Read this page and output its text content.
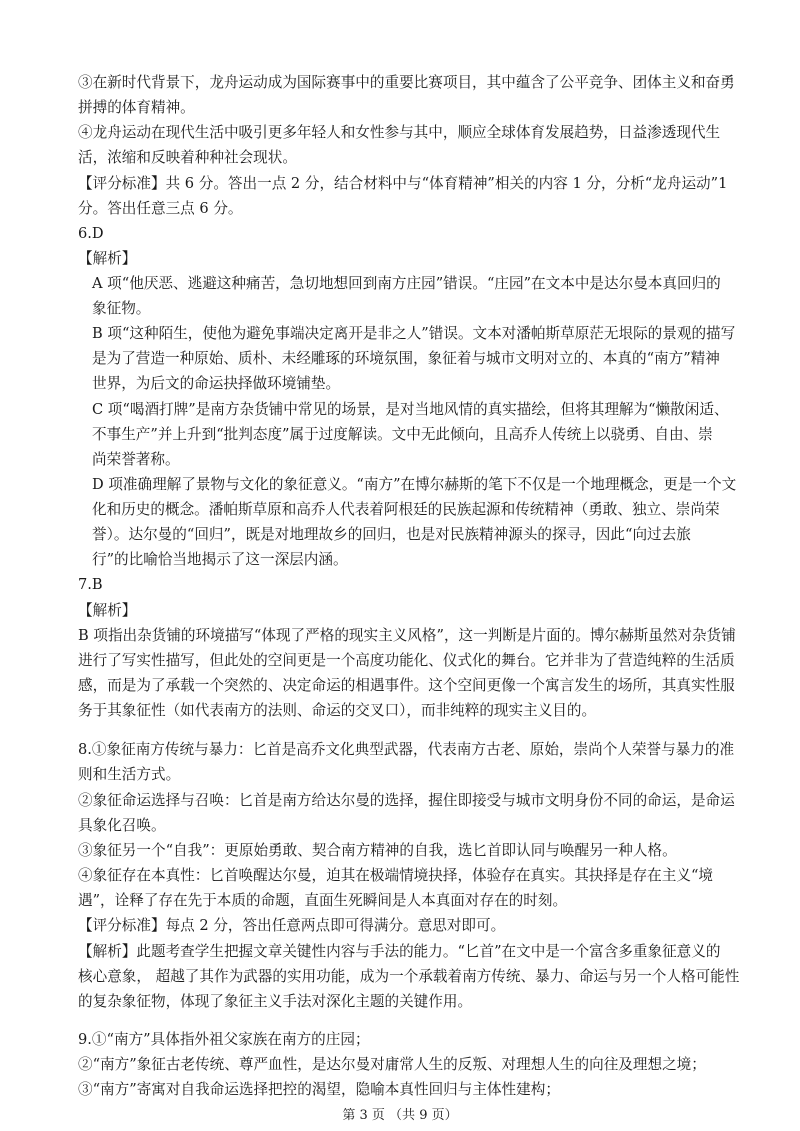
③在新时代背景下，龙舟运动成为国际赛事中的重要比赛项目，其中蕴含了公平竞争、团体主义和奋勇
拼搏的体育精神。
④龙舟运动在现代生活中吸引更多年轻人和女性参与其中，顺应全球体育发展趋势，日益渗透现代生
活，浓缩和反映着种种社会现状。
【评分标准】共 6 分。答出一点 2 分，结合材料中与“体育精神”相关的内容 1 分，分析“龙舟运动”1
分。答出任意三点 6 分。
6.D
【解析】
A 项“他厌恶、逃避这种痛苦，急切地想回到南方庄园”错误。“庄园”在文本中是达尔曼本真回归的
象征物。
B 项“这种陌生，使他为避免事端决定离开是非之人”错误。文本对潘帕斯草原茫无垠际的景观的描写
是为了营造一种原始、质朴、未经雕琢的环境氛围，象征着与城市文明对立的、本真的“南方”精神
世界，为后文的命运抉择做环境铺垫。
C 项“喝酒打牌”是南方杂货铺中常见的场景，是对当地风情的真实描绘，但将其理解为“懒散闲适、
不事生产”并上升到“批判态度”属于过度解读。文中无此倾向，且高乔人传统上以骁勇、自由、崇
尚荣誉著称。
D 项准确理解了景物与文化的象征意义。“南方”在博尔赫斯的笔下不仅是一个地理概念，更是一个文
化和历史的概念。潘帕斯草原和高乔人代表着阿根廷的民族起源和传统精神（勇敢、独立、崇尚荣
誉）。达尔曼的“回归”，既是对地理故乡的回归，也是对民族精神源头的探寻，因此“向过去旅
行”的比喻恰当地揭示了这一深层内涵。
7.B
【解析】
B 项指出杂货铺的环境描写“体现了严格的现实主义风格”，这一判断是片面的。博尔赫斯虽然对杂货铺
进行了写实性描写，但此处的空间更是一个高度功能化、仪式化的舞台。它并非为了营造纯粹的生活质
感，而是为了承载一个突然的、决定命运的相遇事件。这个空间更像一个寓言发生的场所，其真实性服
务于其象征性（如代表南方的法则、命运的交叉口），而非纯粹的现实主义目的。
8.①象征南方传统与暴力：匕首是高乔文化典型武器，代表南方古老、原始，崇尚个人荣誉与暴力的准
则和生活方式。
②象征命运选择与召唤：匕首是南方给达尔曼的选择，握住即接受与城市文明身份不同的命运，是命运
具象化召唤。
③象征另一个“自我”：更原始勇敢、契合南方精神的自我，选匕首即认同与唤醒另一种人格。
④象征存在本真性：匕首唤醒达尔曼，迫其在极端情境抉择，体验存在真实。其抉择是存在主义“境
遇”，诠释了存在先于本质的命题，直面生死瞬间是人本真面对存在的时刻。
【评分标准】每点 2 分，答出任意两点即可得满分。意思对即可。
【解析】此题考查学生把握文章关键性内容与手法的能力。“匕首”在文中是一个富含多重象征意义的
核心意象， 超越了其作为武器的实用功能，成为一个承载着南方传统、暴力、命运与另一个人格可能性
的复杂象征物，体现了象征主义手法对深化主题的关键作用。
9.①“南方”具体指外祖父家族在南方的庄园；
②“南方”象征古老传统、尊严血性，是达尔曼对庸常人生的反叛、对理想人生的向往及理想之境；
③“南方”寄寓对自我命运选择把控的渴望，隐喻本真性回归与主体性建构；
第 3 页 （共 9 页）
